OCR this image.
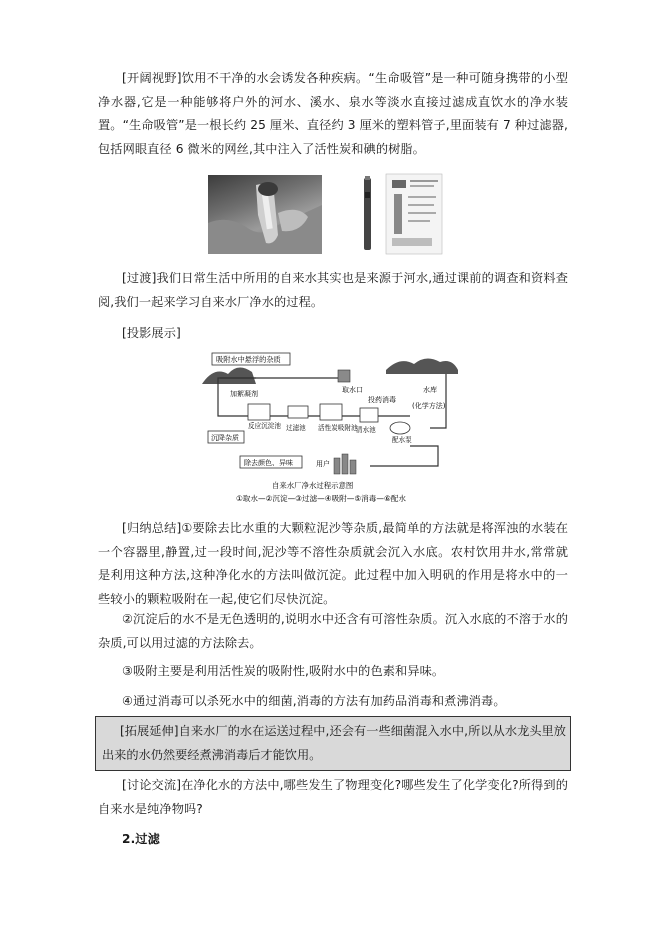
[开阔视野]饮用不干净的水会诱发各种疾病。“生命吸管”是一种可随身携带的小型净水器,它是一种能够将户外的河水、溪水、泉水等淡水直接过滤成直饮水的净水装置。“生命吸管”是一根长约 25 厘米、直径约 3 厘米的塑料管子,里面装有 7 种过滤器,包括网眼直径 6 微米的网丝,其中注入了活性炭和碘的树脂。
[过渡]我们日常生活中所用的自来水其实也是来源于河水,通过课前的调查和资料查阅,我们一起来学习自来水厂净水的过程。
[投影展示]
吸附水中悬浮的杂质
取水口	水库
加絮凝剂
投药消毒
(化学方法)
沉降杂质
反应沉淀池 过滤池 活性炭吸附池
清水池
配水泵
除去颜色、异味	用户
自来水厂净水过程示意图
①取水—②沉淀—③过滤—④吸附—⑤消毒—⑥配水
[归纳总结]①要除去比水重的大颗粒泥沙等杂质,最简单的方法就是将浑浊的水装在一个容器里,静置,过一段时间,泥沙等不溶性杂质就会沉入水底。农村饮用井水,常常就是利用这种方法,这种净化水的方法叫做沉淀。此过程中加入明矾的作用是将水中的一些较小的颗粒吸附在一起,使它们尽快沉淀。
②沉淀后的水不是无色透明的,说明水中还含有可溶性杂质。沉入水底的不溶于水的杂质,可以用过滤的方法除去。
③吸附主要是利用活性炭的吸附性,吸附水中的色素和异味。
④通过消毒可以杀死水中的细菌,消毒的方法有加药品消毒和煮沸消毒。
[拓展延伸]自来水厂的水在运送过程中,还会有一些细菌混入水中,所以从水龙头里放出来的水仍然要经煮沸消毒后才能饮用。
[讨论交流]在净化水的方法中,哪些发生了物理变化?哪些发生了化学变化?所得到的自来水是纯净物吗?
2.过滤
